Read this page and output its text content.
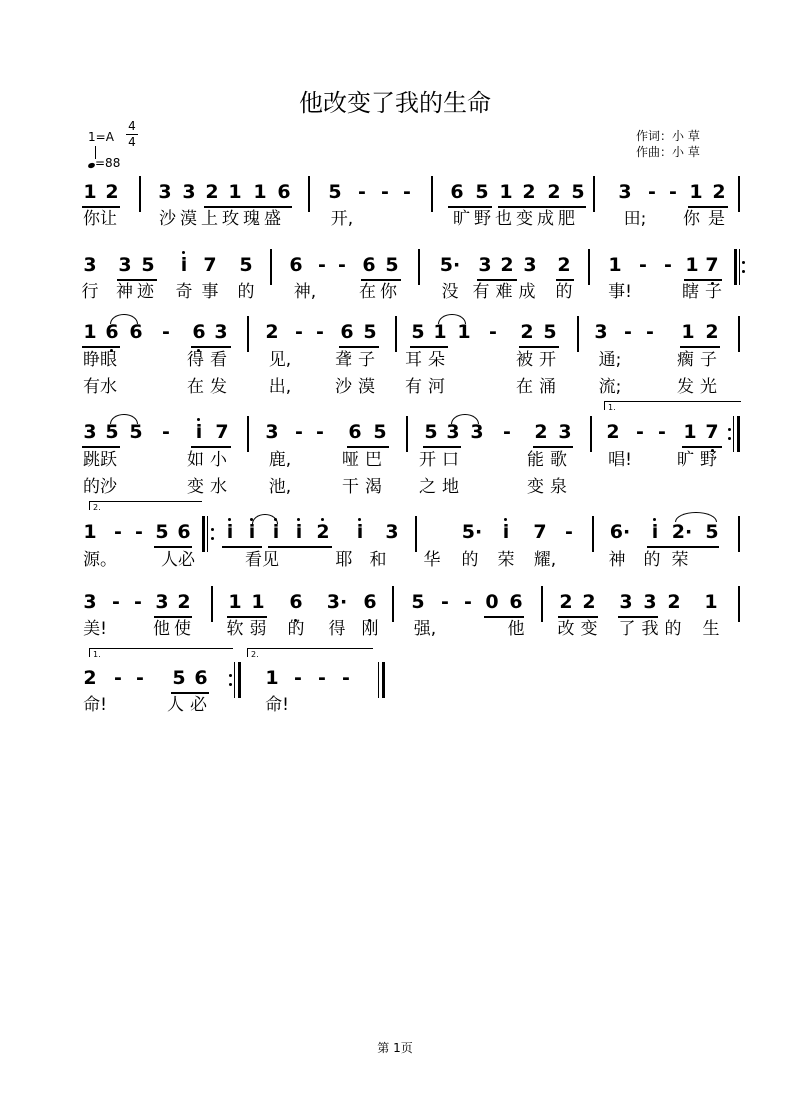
他改变了我的生命
1=A
4
4
=88
作词：小 草
作曲：小 草
1 2 3 3 2 1 1 6 5 - - - 6 5 1 2 2 5 3 - - 1 2
你让 沙漠上玫瑰盛	开,	旷野也变成肥	田; 你是
3 3 5 i 7 5 6 - - 6 5 5· 3 2 3 2 1 - - 1 7
行 神迹 奇 事 的 神,	在你 没 有难成 的 事!	瞎子
1 6 6 - 6 3 2 - - 6 5 5 1 1 - 2 5 3 - - 1 2
睁眼	得看 见,	聋子 耳朵	被开 通;	瘸子
有水	在发 出,	沙漠 有河	在涌 流;	发光
1.
3 5 5 - i 7 3 - - 6 5 5 3 3 - 2 3 2 - - 1 7
跳跃	如小 鹿,	哑巴 开口	能歌 唱!	旷野
的沙	变水 池,	干渴 之地	变泉
2.
1 - - 5 6 i i i i 2 i 3	5· i 7 - 6· i 2· 5
源。	人必	看见	耶 和 华 的 荣 耀,	神 的 荣
3 - - 3 2 1 1 6 3· 6 5 - - 0 6 2 2 3 3 2 1
美!	他使 软 弱 的 得 刚 强,	他 改 变 了我的 生
1.	2.
2 - - 5 6	1 - - -
命!	人必	命!
第 1页
